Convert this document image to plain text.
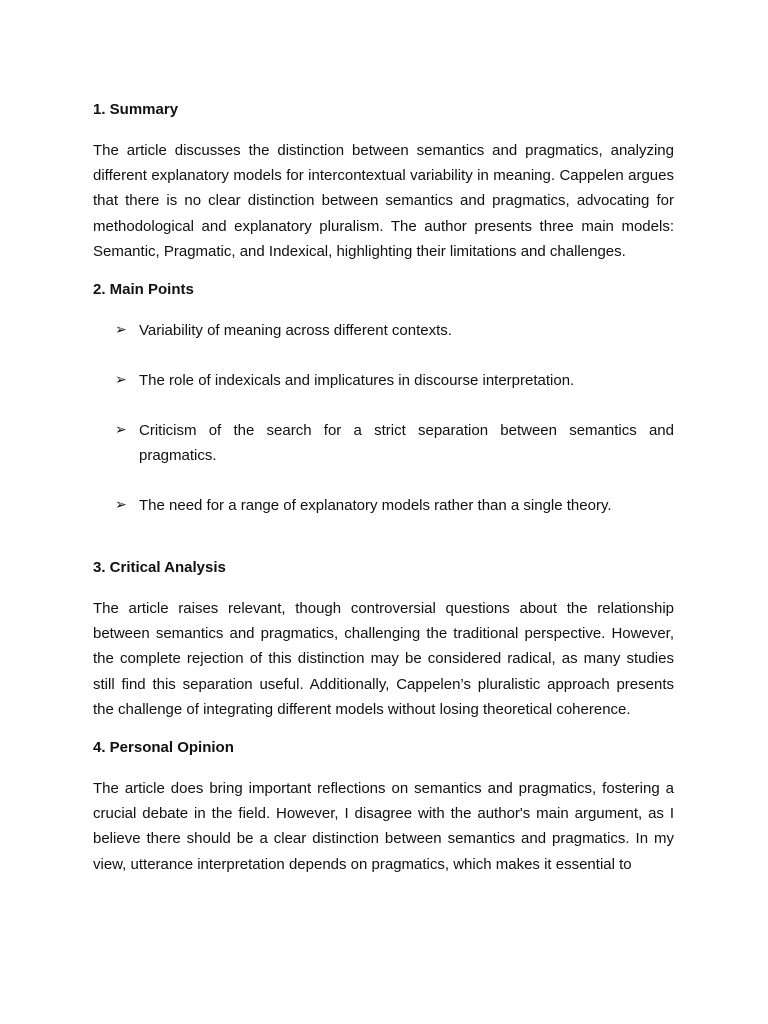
1. Summary

The article discusses the distinction between semantics and pragmatics, analyzing different explanatory models for intercontextual variability in meaning. Cappelen argues that there is no clear distinction between semantics and pragmatics, advocating for methodological and explanatory pluralism. The author presents three main models: Semantic, Pragmatic, and Indexical, highlighting their limitations and challenges.

2. Main Points
➢ Variability of meaning across different contexts.
➢ The role of indexicals and implicatures in discourse interpretation.
➢ Criticism of the search for a strict separation between semantics and pragmatics.
➢ The need for a range of explanatory models rather than a single theory.
3. Critical Analysis

The article raises relevant, though controversial questions about the relationship between semantics and pragmatics, challenging the traditional perspective. However, the complete rejection of this distinction may be considered radical, as many studies still find this separation useful. Additionally, Cappelen’s pluralistic approach presents the challenge of integrating different models without losing theoretical coherence.

4. Personal Opinion

The article does bring important reflections on semantics and pragmatics, fostering a crucial debate in the field. However, I disagree with the author's main argument, as I believe there should be a clear distinction between semantics and pragmatics. In my view, utterance interpretation depends on pragmatics, which makes it essential to
